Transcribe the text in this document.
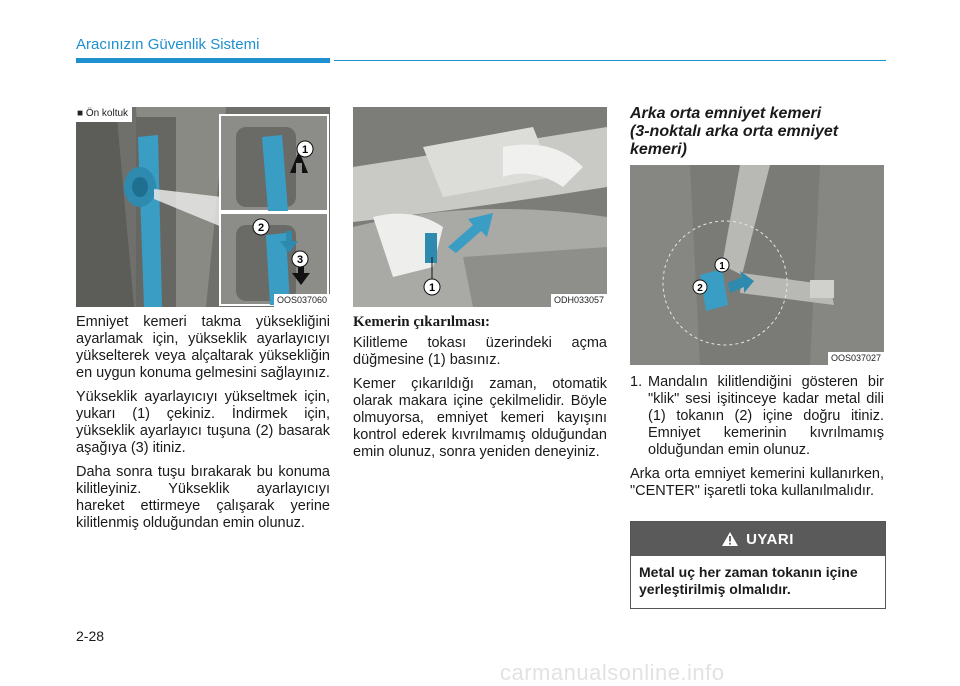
Aracınızın Güvenlik Sistemi
1
2
3
■ Ön koltuk
OOS037060
1
ODH033057
1
2
OOS037027

Emniyet kemeri takma yüksekliğini ayarlamak için, yükseklik ayarlayıcıyı yükselterek veya alçaltarak yüksekliğin en uygun konuma gelmesini sağlayınız.

Yükseklik ayarlayıcıyı yükseltmek için, yukarı (1) çekiniz. İndirmek için, yükseklik ayarlayıcı tuşuna (2) basarak aşağıya (3) itiniz.

Daha sonra tuşu bırakarak bu konuma kilitleyiniz. Yükseklik ayarlayıcıyı hareket ettirmeye çalışarak yerine kilitlenmiş olduğundan emin olunuz.

Kemerin çıkarılması:

Kilitleme tokası üzerindeki açma düğmesine (1) basınız.

Kemer çıkarıldığı zaman, otomatik olarak makara içine çekilmelidir. Böyle olmuyorsa, emniyet kemeri kayışını kontrol ederek kıvrılmamış olduğundan emin olunuz, sonra yeniden deneyiniz.

Arka orta emniyet kemeri
(3-noktalı arka orta emniyet
kemeri)
1. Mandalın kilitlendiğini gösteren bir "klik" sesi işitinceye kadar metal dili (1) tokanın (2) içine doğru itiniz. Emniyet kemerinin kıvrılmamış olduğundan emin olunuz.

Arka orta emniyet kemerini kullanırken, "CENTER" işaretli toka kullanılmalıdır.

UYARI
Metal uç her zaman tokanın içine yerleştirilmiş olmalıdır.
2-28
carmanualsonline.info
